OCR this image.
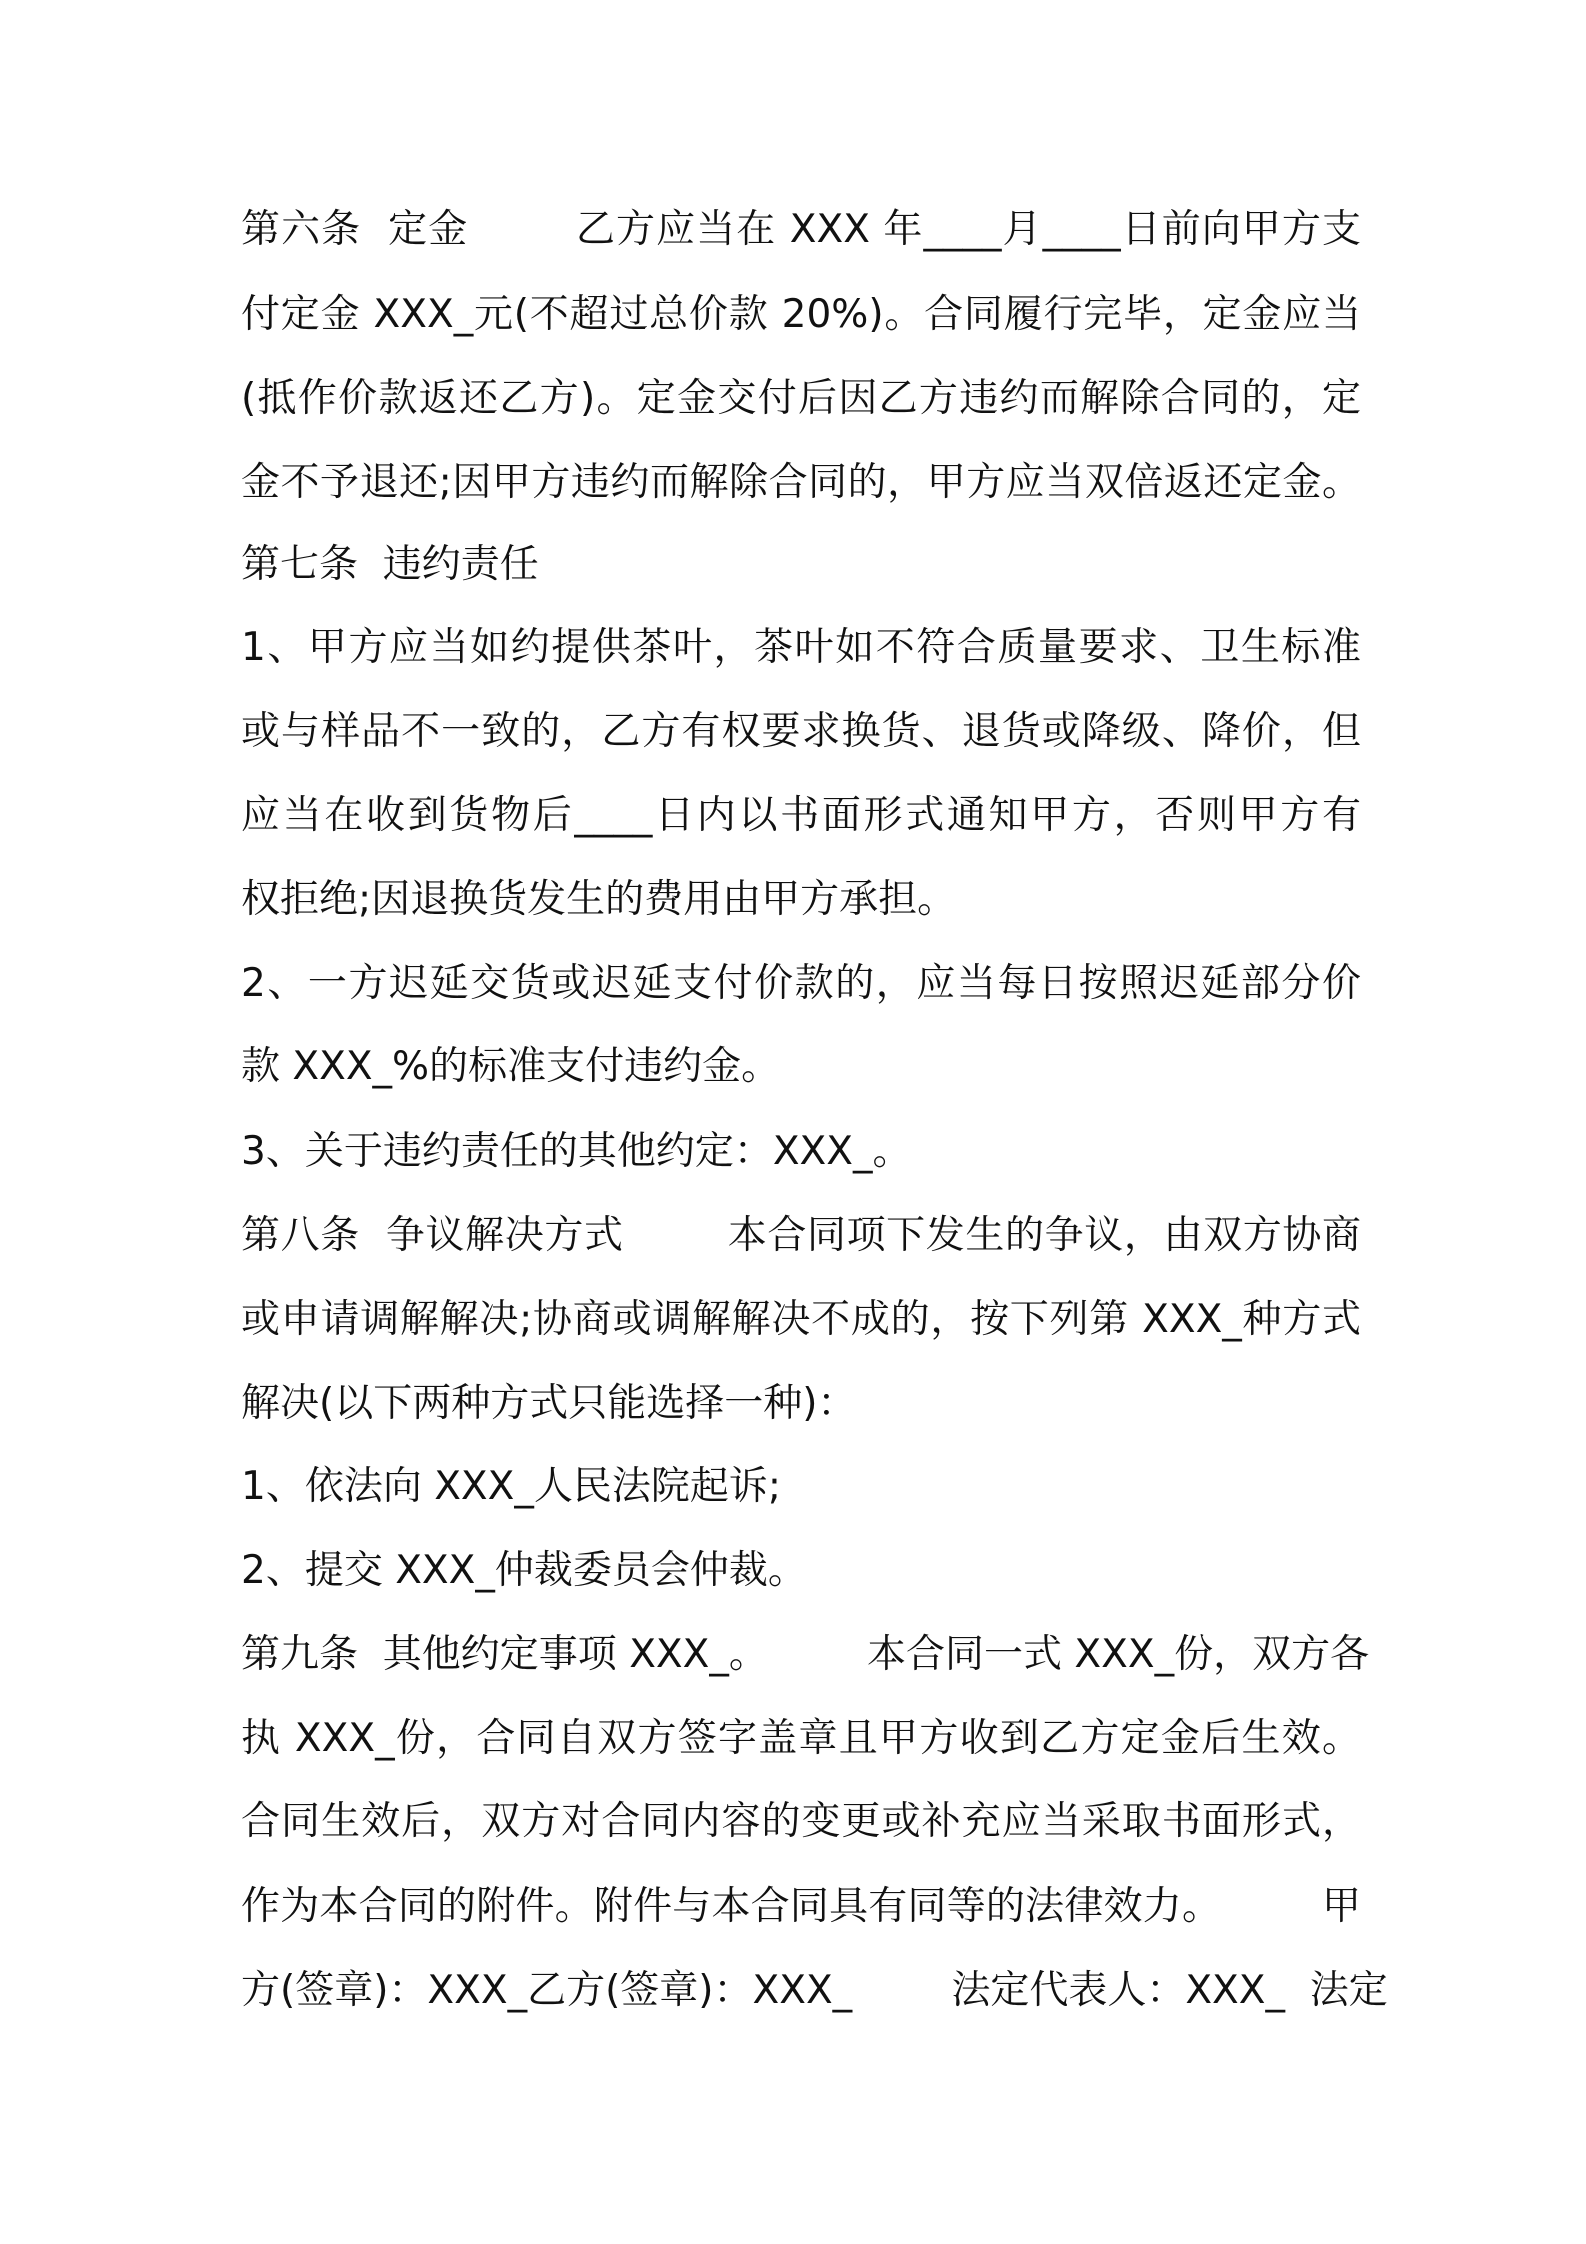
第六条  定金        乙方应当在 XXX 年____月____日前向甲方支
付定金 XXX_元(不超过总价款 20%)。合同履行完毕，定金应当
(抵作价款返还乙方)。定金交付后因乙方违约而解除合同的，定
金不予退还;因甲方违约而解除合同的，甲方应当双倍返还定金。
第七条  违约责任
1、甲方应当如约提供茶叶，茶叶如不符合质量要求、卫生标准
或与样品不一致的，乙方有权要求换货、退货或降级、降价，但
应当在收到货物后____日内以书面形式通知甲方，否则甲方有
权拒绝;因退换货发生的费用由甲方承担。
2、一方迟延交货或迟延支付价款的，应当每日按照迟延部分价
款 XXX_%的标准支付违约金。
3、关于违约责任的其他约定：XXX_。
第八条  争议解决方式        本合同项下发生的争议，由双方协商
或申请调解解决;协商或调解解决不成的，按下列第 XXX_种方式
解决(以下两种方式只能选择一种)：
1、依法向 XXX_人民法院起诉;
2、提交 XXX_仲裁委员会仲裁。
第九条  其他约定事项 XXX_。        本合同一式 XXX_份，双方各
执 XXX_份，合同自双方签字盖章且甲方收到乙方定金后生效。
合同生效后，双方对合同内容的变更或补充应当采取书面形式，
作为本合同的附件。附件与本合同具有同等的法律效力。        甲
方(签章)：XXX_乙方(签章)：XXX_        法定代表人：XXX_  法定
